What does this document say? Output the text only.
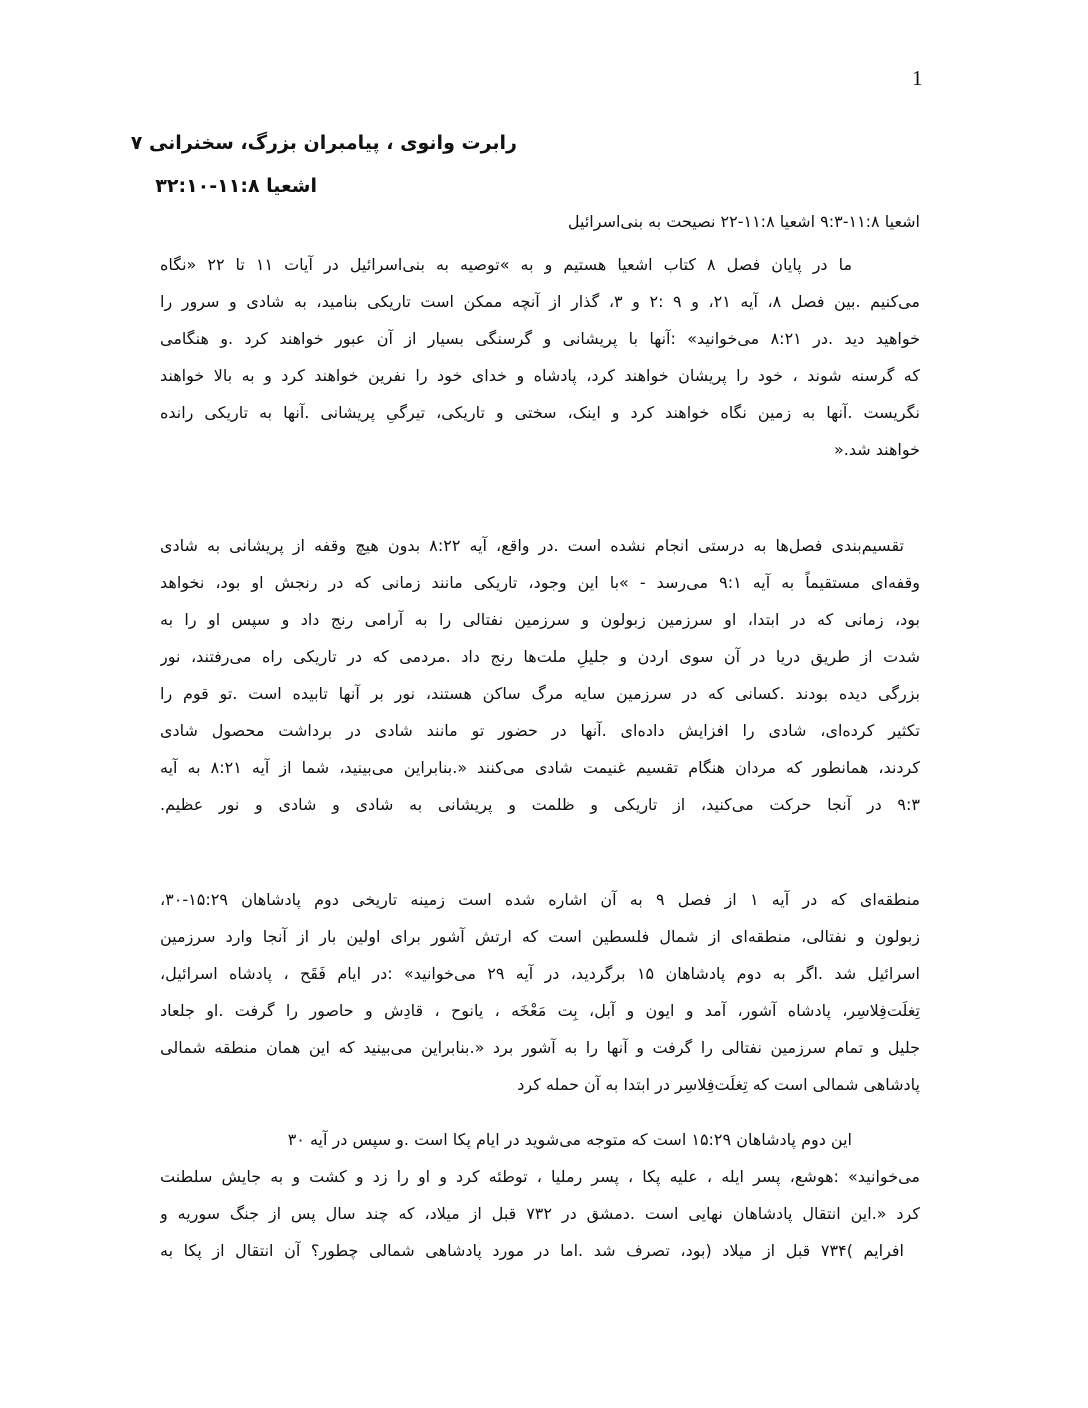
1
رابرت وانوی ، پیامبران بزرگ، سخنرانی ۷
اشعیا ۱۱:۸-۳۲:۱۰
اشعیا ۱۱:۸-۹:۳ اشعیا ۱۱:۸-۲۲ نصیحت به بنی‌اسرائیل
ما در پایان فصل ۸ کتاب اشعیا هستیم و به »توصیه به بنی‌اسرائیل در آیات ۱۱ تا ۲۲ «نگاه
می‌کنیم .بین فصل ۸، آیه ۲۱، و ۹ :۲ و ۳، گذار از آنچه ممکن است تاریکی بنامید، به شادی و سرور را
خواهید دید .در ۸:۲۱ می‌خوانید» :آنها با پریشانی و گرسنگی بسیار از آن عبور خواهند کرد .و هنگامی
که گرسنه شوند ، خود را پریشان خواهند کرد، پادشاه و خدای خود را نفرین خواهند کرد و به بالا خواهند
نگریست .آنها به زمین نگاه خواهند کرد و اینک، سختی و تاریکی، تیرگیِ پریشانی .آنها به تاریکی رانده
خواهند شد.«
تقسیم‌بندی فصل‌ها به درستی انجام نشده است .در واقع، آیه ۸:۲۲ بدون هیچ وقفه از پریشانی به شادی
وقفه‌ای مستقیماً به آیه ۹:۱ می‌رسد - »با این وجود، تاریکی مانند زمانی که در رنجش او بود، نخواهد
بود، زمانی که در ابتدا، او سرزمین زبولون و سرزمین نفتالی را به آرامی رنج داد و سپس او را به
شدت از طریق دریا در آن سوی اردن و جلیلِ ملت‌ها رنج داد .مردمی که در تاریکی راه می‌رفتند، نور
بزرگی دیده بودند .کسانی که در سرزمین سایه مرگ ساکن هستند، نور بر آنها تابیده است .تو قوم را
تکثیر کرده‌ای، شادی را افزایش داده‌ای .آنها در حضور تو مانند شادی در برداشت محصول شادی
کردند، همانطور که مردان هنگام تقسیم غنیمت شادی می‌کنند «.بنابراین می‌بینید، شما از آیه ۸:۲۱ به آیه
۹:۳ در آنجا حرکت می‌کنید، از تاریکی و ظلمت و پریشانی به شادی و شادی و نور عظیم.
منطقه‌ای که در آیه ۱ از فصل ۹ به آن اشاره شده است زمینه تاریخی دوم پادشاهان ۱۵:۲۹-۳۰،
زبولون و نفتالی، منطقه‌ای از شمال فلسطین است که ارتش آشور برای اولین بار از آنجا وارد سرزمین
اسرائیل شد .اگر به دوم پادشاهان ۱۵ برگردید، در آیه ۲۹ می‌خوانید» :در ایام فَقَح ، پادشاه اسرائیل،
تِغلَت‌فِلاسِر، پادشاه آشور، آمد و ایون و آبل، بِت مَعْخَه ، یانوح ، قادِش و حاصور را گرفت .او جلعاد
جلیل و تمام سرزمین نفتالی را گرفت و آنها را به آشور برد «.بنابراین می‌بینید که این همان منطقه شمالی
پادشاهی شمالی است که تِغلَت‌فِلاسِر در ابتدا به آن حمله کرد
این دوم پادشاهان ۱۵:۲۹ است که متوجه می‌شوید در ایام پکا است .و سپس در آیه ۳۰
می‌خوانید» :هوشع، پسر ایله ، علیه پکا ، پسر رملیا ، توطئه کرد و او را زد و کشت و به جایش سلطنت
کرد «.این انتقال پادشاهان نهایی است .دمشق در ۷۳۲ قبل از میلاد، که چند سال پس از جنگ سوریه و
افرایم )۷۳۴ قبل از میلاد (بود، تصرف شد .اما در مورد پادشاهی شمالی چطور؟ آن انتقال از پکا به
